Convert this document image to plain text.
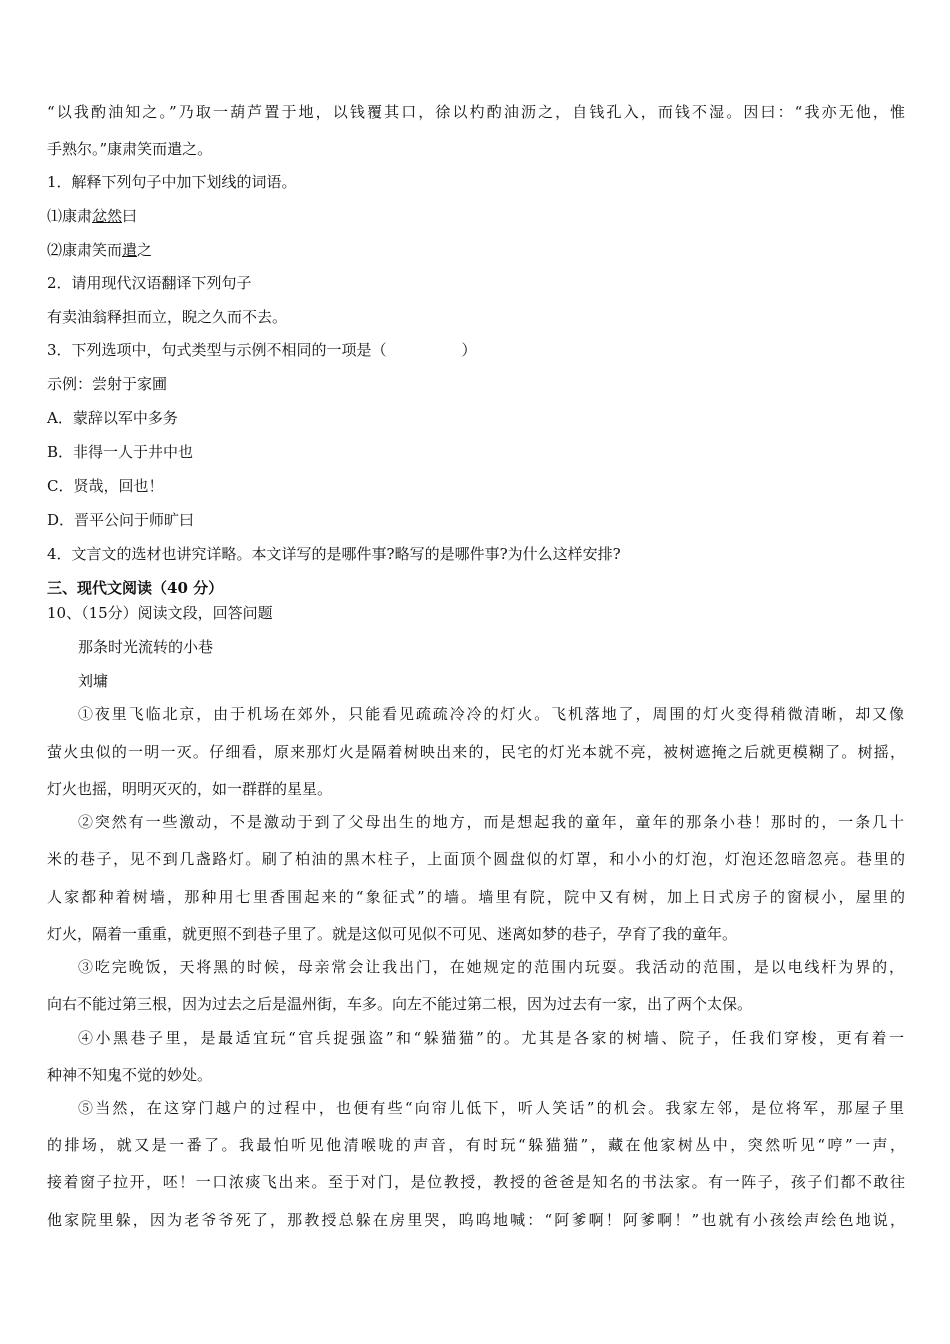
“以我酌油知之。”乃取一葫芦置于地，以钱覆其口，徐以杓酌油沥之，自钱孔入，而钱不湿。因曰：“我亦无他，惟
手熟尔。”康肃笑而遣之。
1．解释下列句子中加下划线的词语。
⑴康肃忿然曰
⑵康肃笑而遣之
2．请用现代汉语翻译下列句子
有卖油翁释担而立，睨之久而不去。
3．下列选项中，句式类型与示例不相同的一项是（　　　　　）
示例：尝射于家圃
A．蒙辞以军中多务
B．非得一人于井中也
C．贤哉，回也！
D．晋平公问于师旷曰
4．文言文的选材也讲究详略。本文详写的是哪件事?略写的是哪件事?为什么这样安排?
三、现代文阅读（40 分）
10、（15分）阅读文段，回答问题
那条时光流转的小巷
刘墉
①夜里飞临北京，由于机场在郊外，只能看见疏疏冷冷的灯火。飞机落地了，周围的灯火变得稍微清晰，却又像
萤火虫似的一明一灭。仔细看，原来那灯火是隔着树映出来的，民宅的灯光本就不亮，被树遮掩之后就更模糊了。树摇，
灯火也摇，明明灭灭的，如一群群的星星。
②突然有一些激动，不是激动于到了父母出生的地方，而是想起我的童年，童年的那条小巷！那时的，一条几十
米的巷子，见不到几盏路灯。刷了柏油的黑木柱子，上面顶个圆盘似的灯罩，和小小的灯泡，灯泡还忽暗忽亮。巷里的
人家都种着树墙，那种用七里香围起来的“象征式”的墙。墙里有院，院中又有树，加上日式房子的窗棂小，屋里的
灯火，隔着一重重，就更照不到巷子里了。就是这似可见似不可见、迷离如梦的巷子，孕育了我的童年。
③吃完晚饭，天将黑的时候，母亲常会让我出门，在她规定的范围内玩耍。我活动的范围，是以电线杆为界的，
向右不能过第三根，因为过去之后是温州街，车多。向左不能过第二根，因为过去有一家，出了两个太保。
④小黑巷子里，是最适宜玩“官兵捉强盗”和“躲猫猫”的。尤其是各家的树墙、院子，任我们穿梭，更有着一
种神不知鬼不觉的妙处。
⑤当然，在这穿门越户的过程中，也便有些“向帘儿低下，听人笑话”的机会。我家左邻，是位将军，那屋子里
的排场，就又是一番了。我最怕听见他清喉咙的声音，有时玩“躲猫猫”，藏在他家树丛中，突然听见“哼”一声，
接着窗子拉开，呸！一口浓痰飞出来。至于对门，是位教授，教授的爸爸是知名的书法家。有一阵子，孩子们都不敢往
他家院里躲，因为老爷爷死了，那教授总躲在房里哭，呜呜地喊：“阿爹啊！阿爹啊！”也就有小孩绘声绘色地说，
